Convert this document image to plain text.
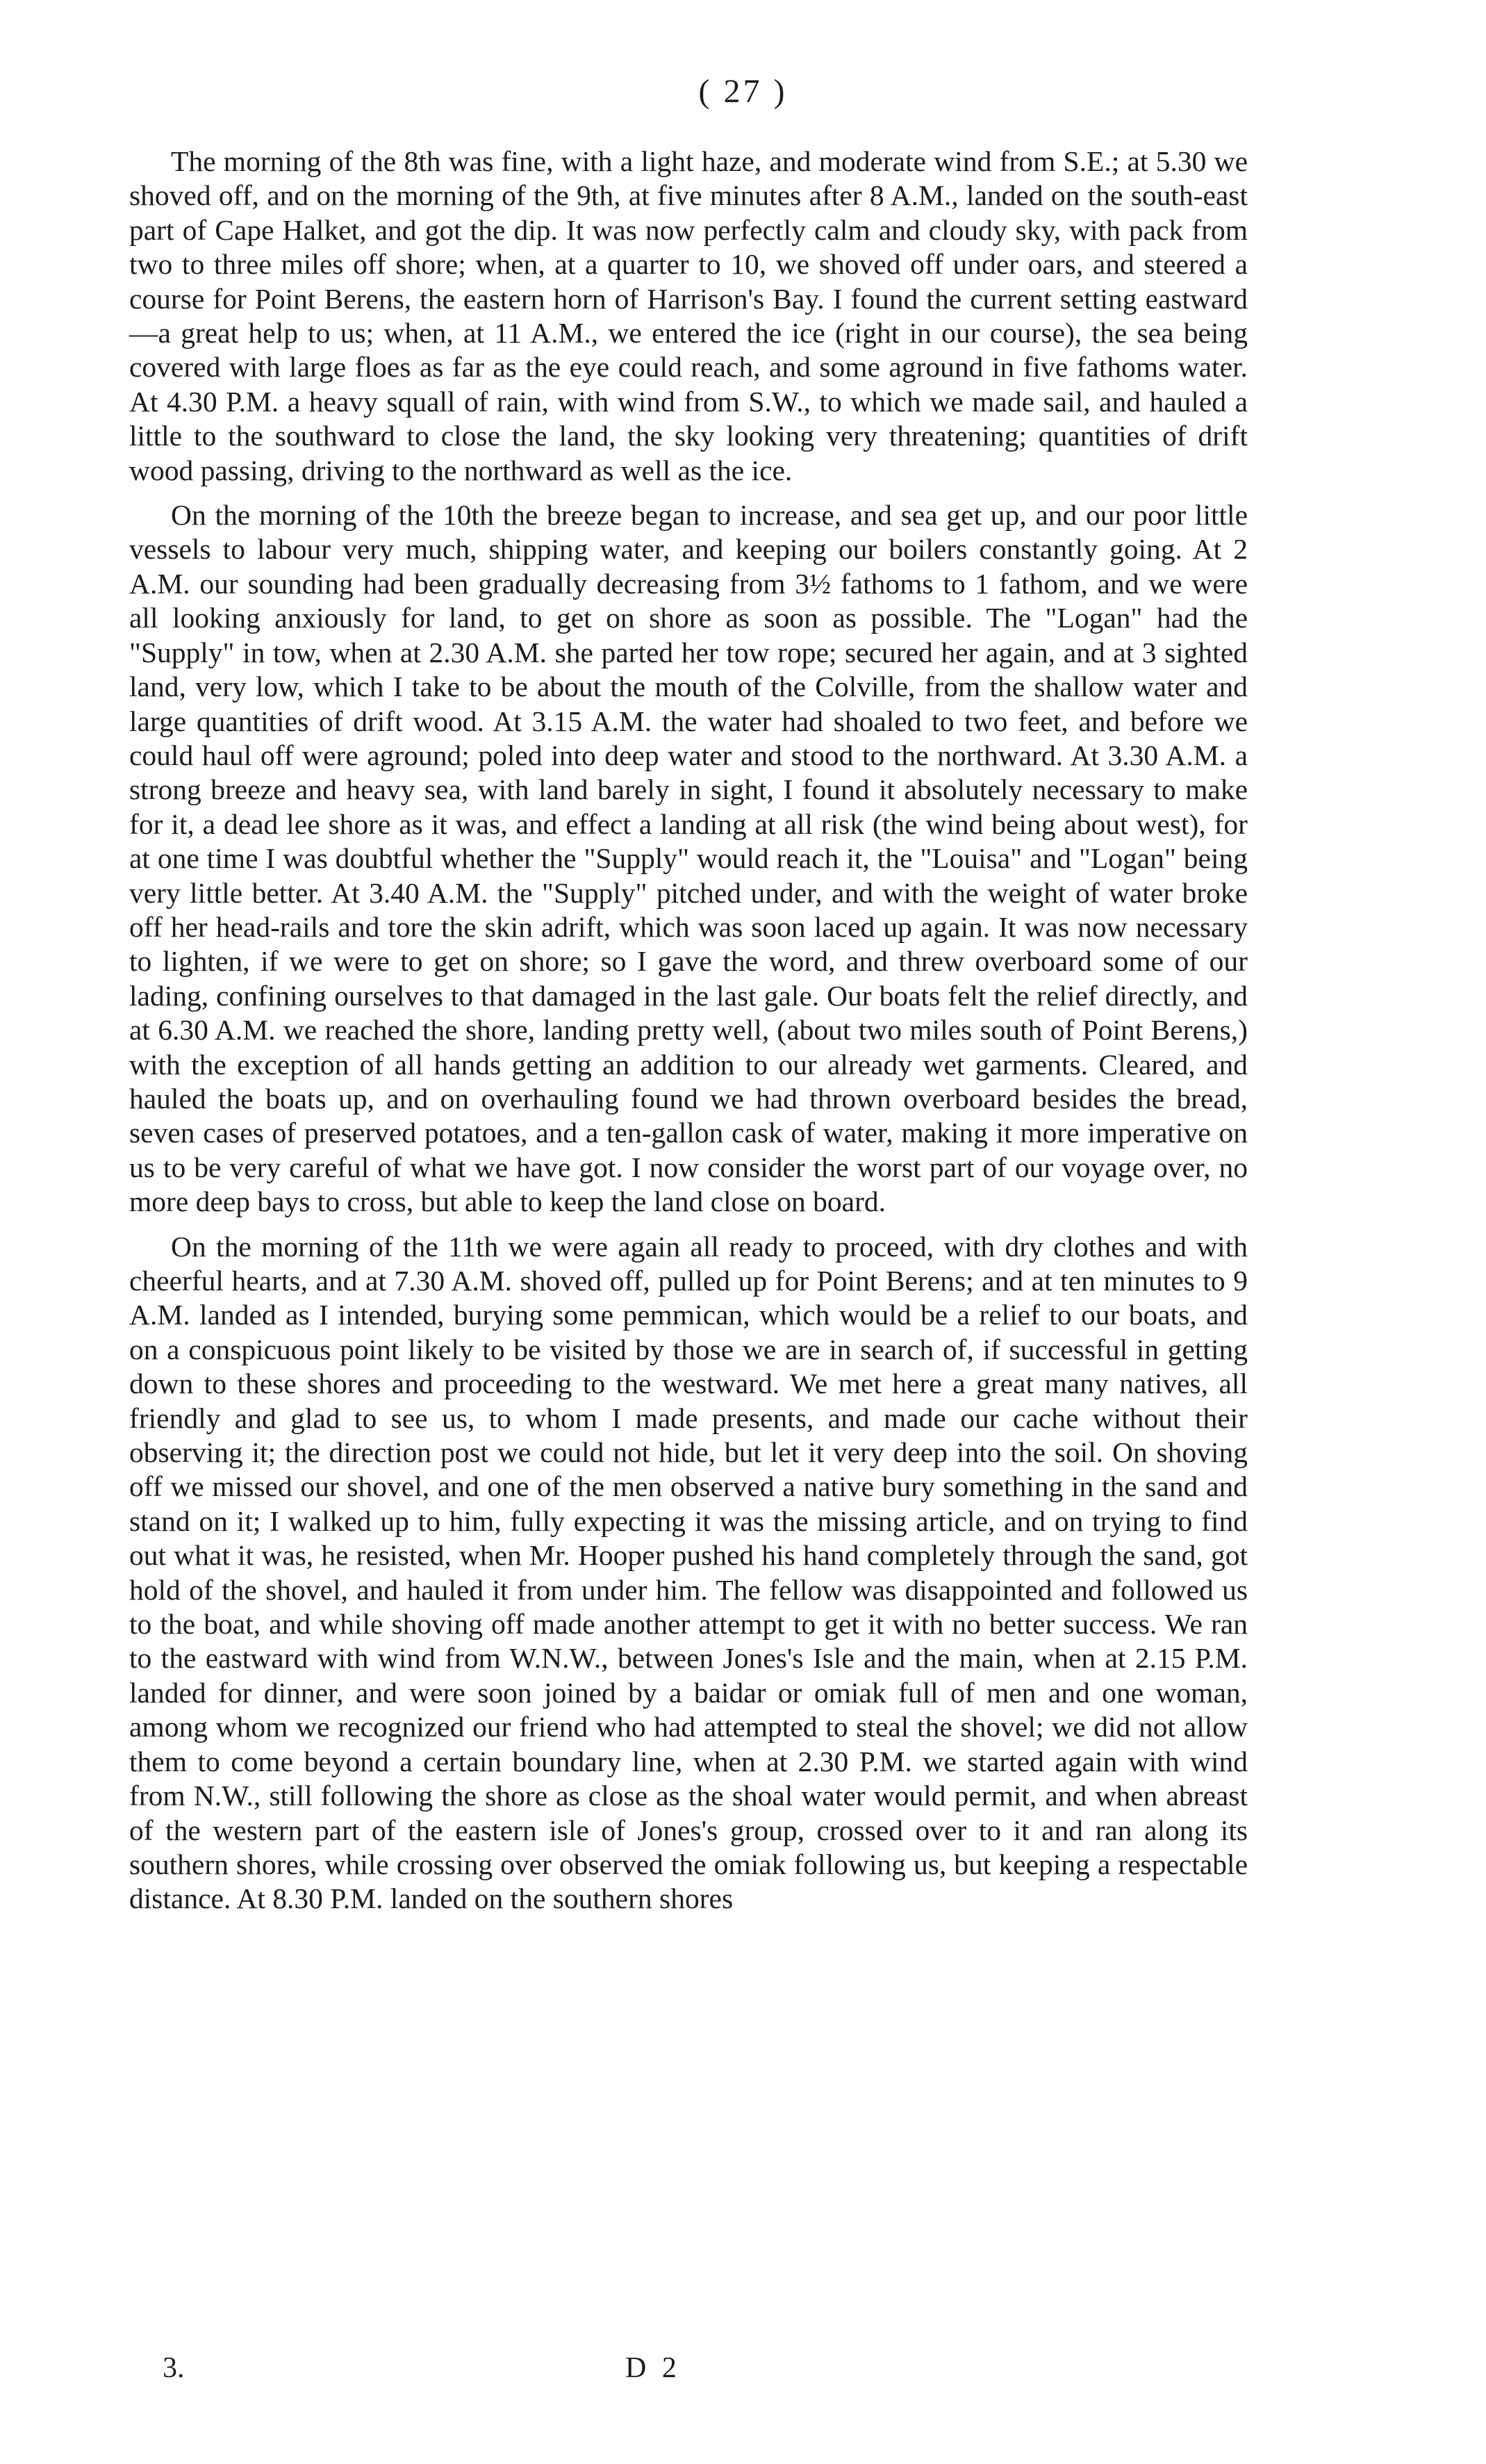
( 27 )

The morning of the 8th was fine, with a light haze, and moderate wind from S.E.; at 5.30 we shoved off, and on the morning of the 9th, at five minutes after 8 A.M., landed on the south-east part of Cape Halket, and got the dip. It was now perfectly calm and cloudy sky, with pack from two to three miles off shore; when, at a quarter to 10, we shoved off under oars, and steered a course for Point Berens, the eastern horn of Harrison's Bay. I found the current setting eastward—a great help to us; when, at 11 A.M., we entered the ice (right in our course), the sea being covered with large floes as far as the eye could reach, and some aground in five fathoms water. At 4.30 P.M. a heavy squall of rain, with wind from S.W., to which we made sail, and hauled a little to the southward to close the land, the sky looking very threatening; quantities of drift wood passing, driving to the northward as well as the ice.

On the morning of the 10th the breeze began to increase, and sea get up, and our poor little vessels to labour very much, shipping water, and keeping our boilers constantly going. At 2 A.M. our sounding had been gradually decreasing from 3½ fathoms to 1 fathom, and we were all looking anxiously for land, to get on shore as soon as possible. The "Logan" had the "Supply" in tow, when at 2.30 A.M. she parted her tow rope; secured her again, and at 3 sighted land, very low, which I take to be about the mouth of the Colville, from the shallow water and large quantities of drift wood. At 3.15 A.M. the water had shoaled to two feet, and before we could haul off were aground; poled into deep water and stood to the northward. At 3.30 A.M. a strong breeze and heavy sea, with land barely in sight, I found it absolutely necessary to make for it, a dead lee shore as it was, and effect a landing at all risk (the wind being about west), for at one time I was doubtful whether the "Supply" would reach it, the "Louisa" and "Logan" being very little better. At 3.40 A.M. the "Supply" pitched under, and with the weight of water broke off her head-rails and tore the skin adrift, which was soon laced up again. It was now necessary to lighten, if we were to get on shore; so I gave the word, and threw overboard some of our lading, confining ourselves to that damaged in the last gale. Our boats felt the relief directly, and at 6.30 A.M. we reached the shore, landing pretty well, (about two miles south of Point Berens,) with the exception of all hands getting an addition to our already wet garments. Cleared, and hauled the boats up, and on overhauling found we had thrown overboard besides the bread, seven cases of preserved potatoes, and a ten-gallon cask of water, making it more imperative on us to be very careful of what we have got. I now consider the worst part of our voyage over, no more deep bays to cross, but able to keep the land close on board.

On the morning of the 11th we were again all ready to proceed, with dry clothes and with cheerful hearts, and at 7.30 A.M. shoved off, pulled up for Point Berens; and at ten minutes to 9 A.M. landed as I intended, burying some pemmican, which would be a relief to our boats, and on a conspicuous point likely to be visited by those we are in search of, if successful in getting down to these shores and proceeding to the westward. We met here a great many natives, all friendly and glad to see us, to whom I made presents, and made our cache without their observing it; the direction post we could not hide, but let it very deep into the soil. On shoving off we missed our shovel, and one of the men observed a native bury something in the sand and stand on it; I walked up to him, fully expecting it was the missing article, and on trying to find out what it was, he resisted, when Mr. Hooper pushed his hand completely through the sand, got hold of the shovel, and hauled it from under him. The fellow was disappointed and followed us to the boat, and while shoving off made another attempt to get it with no better success. We ran to the eastward with wind from W.N.W., between Jones's Isle and the main, when at 2.15 P.M. landed for dinner, and were soon joined by a baidar or omiak full of men and one woman, among whom we recognized our friend who had attempted to steal the shovel; we did not allow them to come beyond a certain boundary line, when at 2.30 P.M. we started again with wind from N.W., still following the shore as close as the shoal water would permit, and when abreast of the western part of the eastern isle of Jones's group, crossed over to it and ran along its southern shores, while crossing over observed the omiak following us, but keeping a respectable distance. At 8.30 P.M. landed on the southern shores

3.	D 2
